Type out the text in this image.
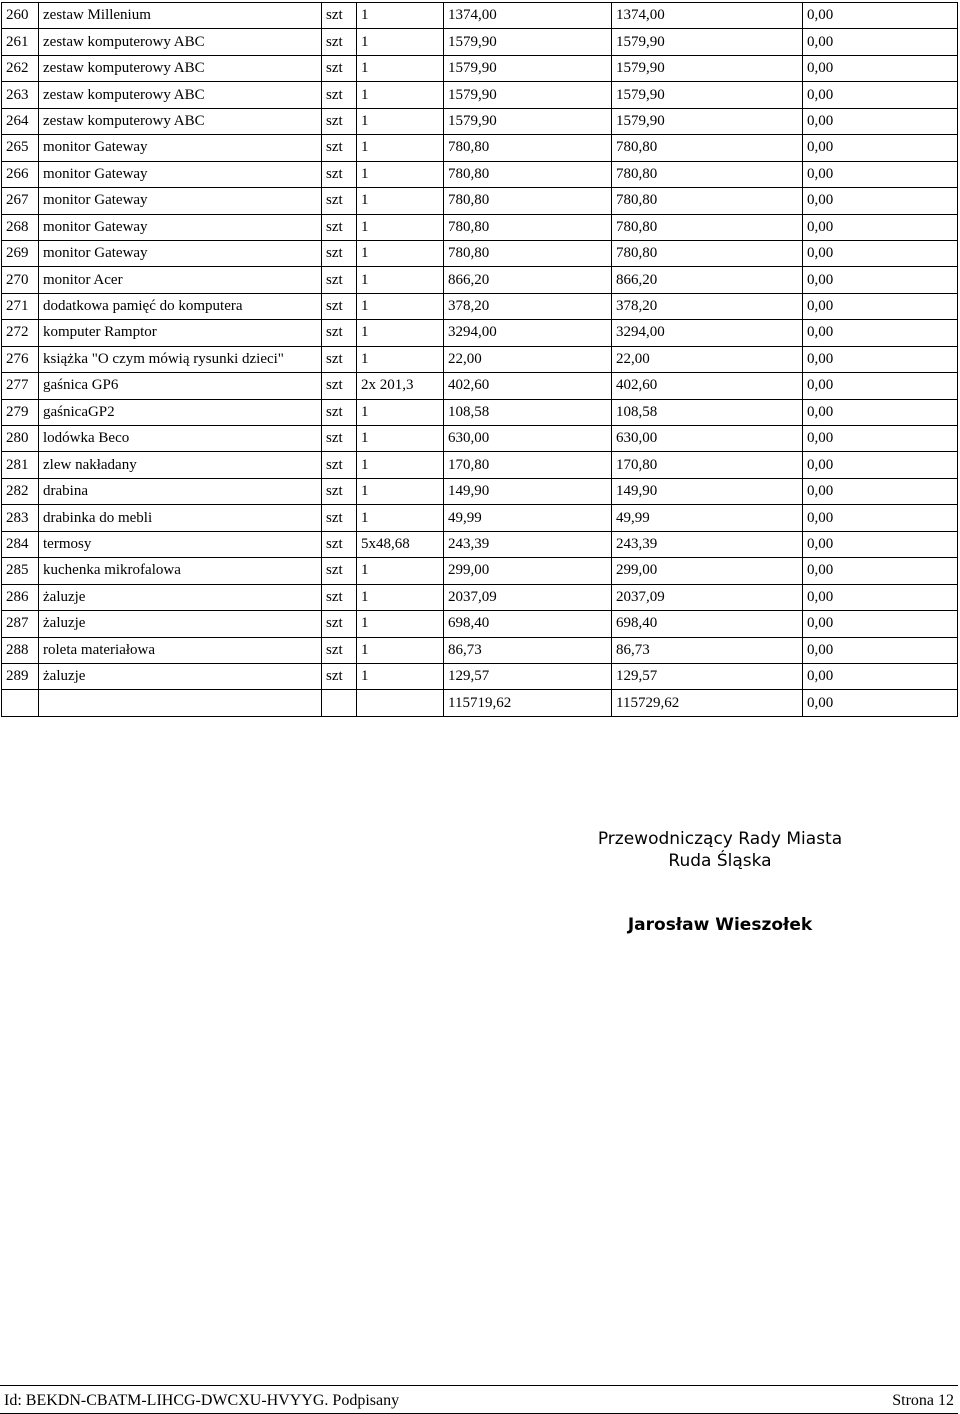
260	zestaw Millenium	szt	1	1374,00	1374,00	0,00
261	zestaw komputerowy ABC	szt	1	1579,90	1579,90	0,00
262	zestaw komputerowy ABC	szt	1	1579,90	1579,90	0,00
263	zestaw komputerowy ABC	szt	1	1579,90	1579,90	0,00
264	zestaw komputerowy ABC	szt	1	1579,90	1579,90	0,00
265	monitor Gateway	szt	1	780,80	780,80	0,00
266	monitor Gateway	szt	1	780,80	780,80	0,00
267	monitor Gateway	szt	1	780,80	780,80	0,00
268	monitor Gateway	szt	1	780,80	780,80	0,00
269	monitor Gateway	szt	1	780,80	780,80	0,00
270	monitor Acer	szt	1	866,20	866,20	0,00
271	dodatkowa pamięć do komputera	szt	1	378,20	378,20	0,00
272	komputer Ramptor	szt	1	3294,00	3294,00	0,00
276	książka "O czym mówią rysunki dzieci"	szt	1	22,00	22,00	0,00
277	gaśnica GP6	szt	2x 201,3	402,60	402,60	0,00
279	gaśnicaGP2	szt	1	108,58	108,58	0,00
280	lodówka Beco	szt	1	630,00	630,00	0,00
281	zlew nakładany	szt	1	170,80	170,80	0,00
282	drabina	szt	1	149,90	149,90	0,00
283	drabinka do mebli	szt	1	49,99	49,99	0,00
284	termosy	szt	5x48,68	243,39	243,39	0,00
285	kuchenka mikrofalowa	szt	1	299,00	299,00	0,00
286	żaluzje	szt	1	2037,09	2037,09	0,00
287	żaluzje	szt	1	698,40	698,40	0,00
288	roleta materiałowa	szt	1	86,73	86,73	0,00
289	żaluzje	szt	1	129,57	129,57	0,00
				115719,62	115729,62	0,00
Przewodniczący Rady Miasta
Ruda Śląska
Jarosław Wieszołek
Id: BEKDN-CBATM-LIHCG-DWCXU-HVYYG. Podpisany	Strona 12
